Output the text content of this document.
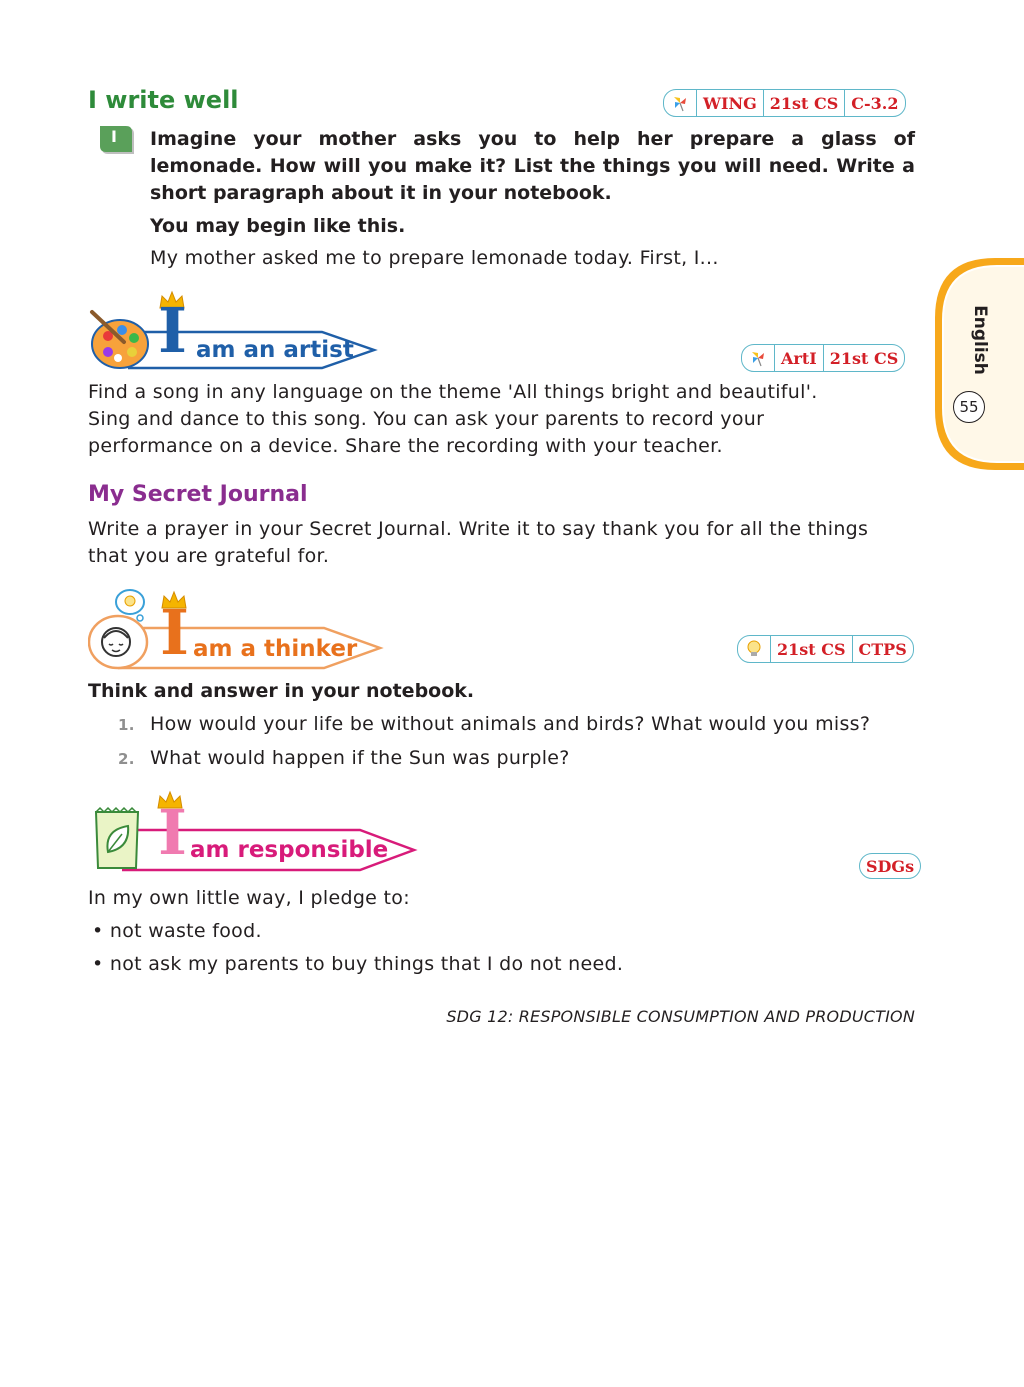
I write well	WING 21st CS C-3.2
I Imagine your mother asks you to help her prepare a glass of lemonade. How will you make it? List the things you will need. Write a short paragraph about it in your notebook.
You may begin like this.
My mother asked me to prepare lemonade today. First, I...
I am an artist	ArtI 21st CS
Find a song in any language on the theme 'All things bright and beautiful'.
Sing and dance to this song. You can ask your parents to record your
performance on a device. Share the recording with your teacher.
My Secret Journal
Write a prayer in your Secret Journal. Write it to say thank you for all the things
that you are grateful for.
I am a thinker	21st CS CTPS
Think and answer in your notebook.
1. How would your life be without animals and birds? What would you miss?
2. What would happen if the Sun was purple?
I am responsible
SDGs
In my own little way, I pledge to:
• not waste food.
• not ask my parents to buy things that I do not need.
SDG 12: RESPONSIBLE CONSUMPTION AND PRODUCTION
English
55
